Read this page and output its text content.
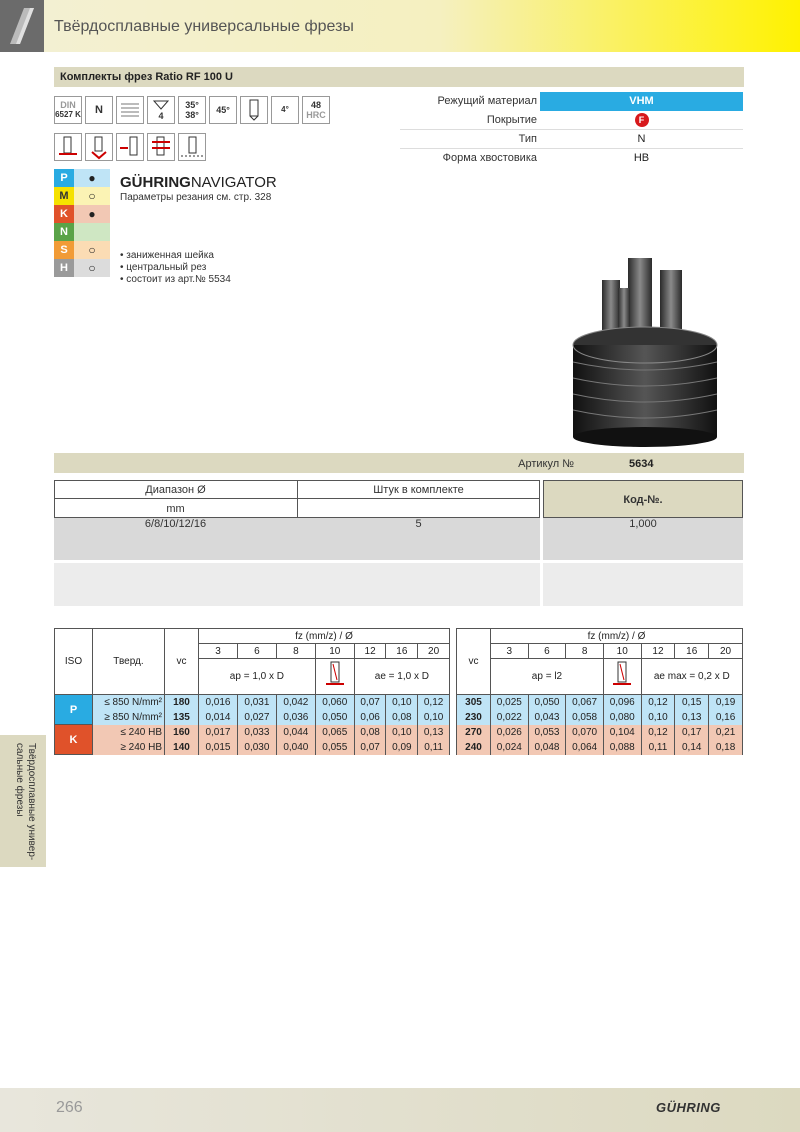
Твёрдосплавные универсальные фрезы
Комплекты фрез Ratio RF 100 U
DIN
6527 K N	4
35°
38° 45°	4° 48
HRC
Режущий материал	VHM
Покрытие	F
Тип	N
Форма хвостовика	HB
P	●
M	○
K	●
N
S	○
H	○
GÜHRINGNAVIGATOR
Параметры резания см. стр. 328
• заниженная шейка
• центральный рез
• состоит из арт.№ 5534
Артикул №	5634
Диапазон Ø	Штук в комплекте
mm
Код-№.
6/8/10/12/16	5	1,000
ISO	Тверд.	vc	fz (mm/z) / Ø						
			3	6	8	10	12	16	20
			ap = 1,0 x D				ae = 1,0 x D		
P	≤ 850 N/mm²	180	0,016	0,031	0,042	0,060	0,07	0,10	0,12
	≥ 850 N/mm²	135	0,014	0,027	0,036	0,050	0,06	0,08	0,10
K	≤ 240 HB	160	0,017	0,033	0,044	0,065	0,08	0,10	0,13
	≥ 240 HB	140	0,015	0,030	0,040	0,055	0,07	0,09	0,11
vc	fz (mm/z) / Ø						
	3	6	8	10	12	16	20
	ap = l2				ae max = 0,2 x D		
305	0,025	0,050	0,067	0,096	0,12	0,15	0,19
230	0,022	0,043	0,058	0,080	0,10	0,13	0,16
270	0,026	0,053	0,070	0,104	0,12	0,17	0,21
240	0,024	0,048	0,064	0,088	0,11	0,14	0,18
Твёрдосплавные универ-сальные фрезы
266	GÜHRING
